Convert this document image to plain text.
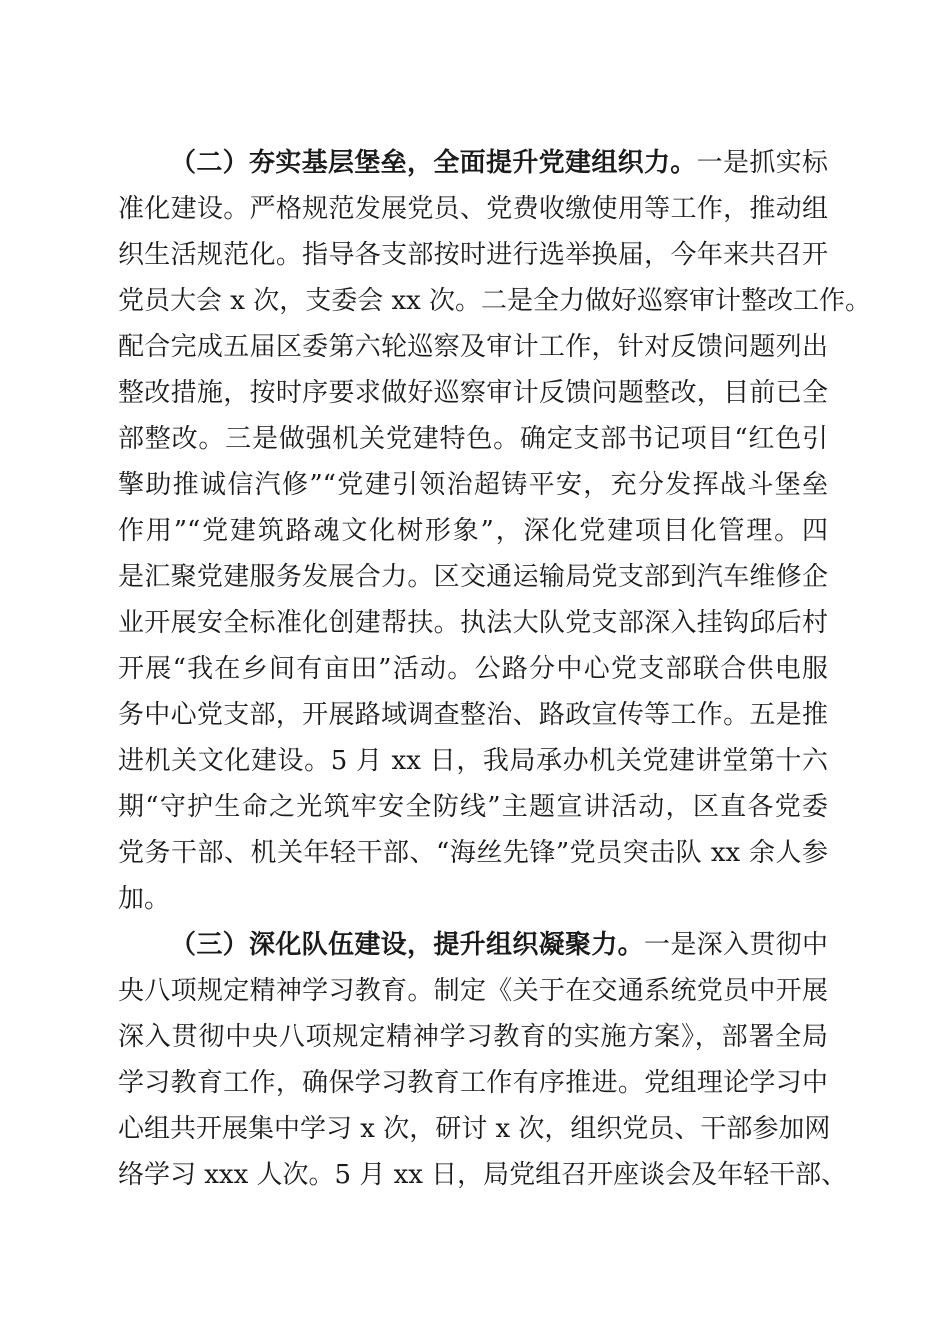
（二）夯实基层堡垒，全面提升党建组织力。一是抓实标
准化建设。严格规范发展党员、党费收缴使用等工作，推动组
织生活规范化。指导各支部按时进行选举换届，今年来共召开
党员大会 x 次，支委会 xx 次。二是全力做好巡察审计整改工作。
配合完成五届区委第六轮巡察及审计工作，针对反馈问题列出
整改措施，按时序要求做好巡察审计反馈问题整改，目前已全
部整改。三是做强机关党建特色。确定支部书记项目“红色引
擎助推诚信汽修”“党建引领治超铸平安，充分发挥战斗堡垒
作用”“党建筑路魂文化树形象”，深化党建项目化管理。四
是汇聚党建服务发展合力。区交通运输局党支部到汽车维修企
业开展安全标准化创建帮扶。执法大队党支部深入挂钩邱后村
开展“我在乡间有亩田”活动。公路分中心党支部联合供电服
务中心党支部，开展路域调查整治、路政宣传等工作。五是推
进机关文化建设。5 月 xx 日，我局承办机关党建讲堂第十六
期“守护生命之光筑牢安全防线”主题宣讲活动，区直各党委
党务干部、机关年轻干部、“海丝先锋”党员突击队 xx 余人参
加。
（三）深化队伍建设，提升组织凝聚力。一是深入贯彻中
央八项规定精神学习教育。制定《关于在交通系统党员中开展
深入贯彻中央八项规定精神学习教育的实施方案》，部署全局
学习教育工作，确保学习教育工作有序推进。党组理论学习中
心组共开展集中学习 x 次，研讨 x 次，组织党员、干部参加网
络学习 xxx 人次。5 月 xx 日，局党组召开座谈会及年轻干部、
